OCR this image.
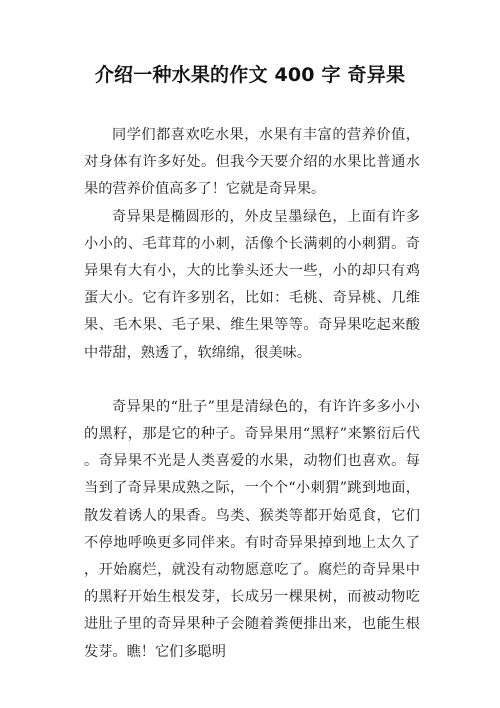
介绍一种水果的作文 400 字 奇异果

同学们都喜欢吃水果，水果有丰富的营养价值，对身体有许多好处。但我今天要介绍的水果比普通水果的营养价值高多了！它就是奇异果。

奇异果是椭圆形的，外皮呈墨绿色，上面有许多小小的、毛茸茸的小刺，活像个长满刺的小刺猬。奇异果有大有小，大的比拳头还大一些，小的却只有鸡蛋大小。它有许多别名，比如：毛桃、奇异桃、几维果、毛木果、毛子果、维生果等等。奇异果吃起来酸中带甜，熟透了，软绵绵，很美味。

奇异果的“肚子”里是清绿色的，有许许多多小小的黑籽，那是它的种子。奇异果用“黑籽”来繁衍后代。奇异果不光是人类喜爱的水果，动物们也喜欢。每当到了奇异果成熟之际，一个个“小刺猬”跳到地面，散发着诱人的果香。鸟类、猴类等都开始觅食，它们不停地呼唤更多同伴来。有时奇异果掉到地上太久了，开始腐烂，就没有动物愿意吃了。腐烂的奇异果中的黑籽开始生根发芽，长成另一棵果树，而被动物吃进肚子里的奇异果种子会随着粪便排出来，也能生根发芽。瞧！它们多聪明
